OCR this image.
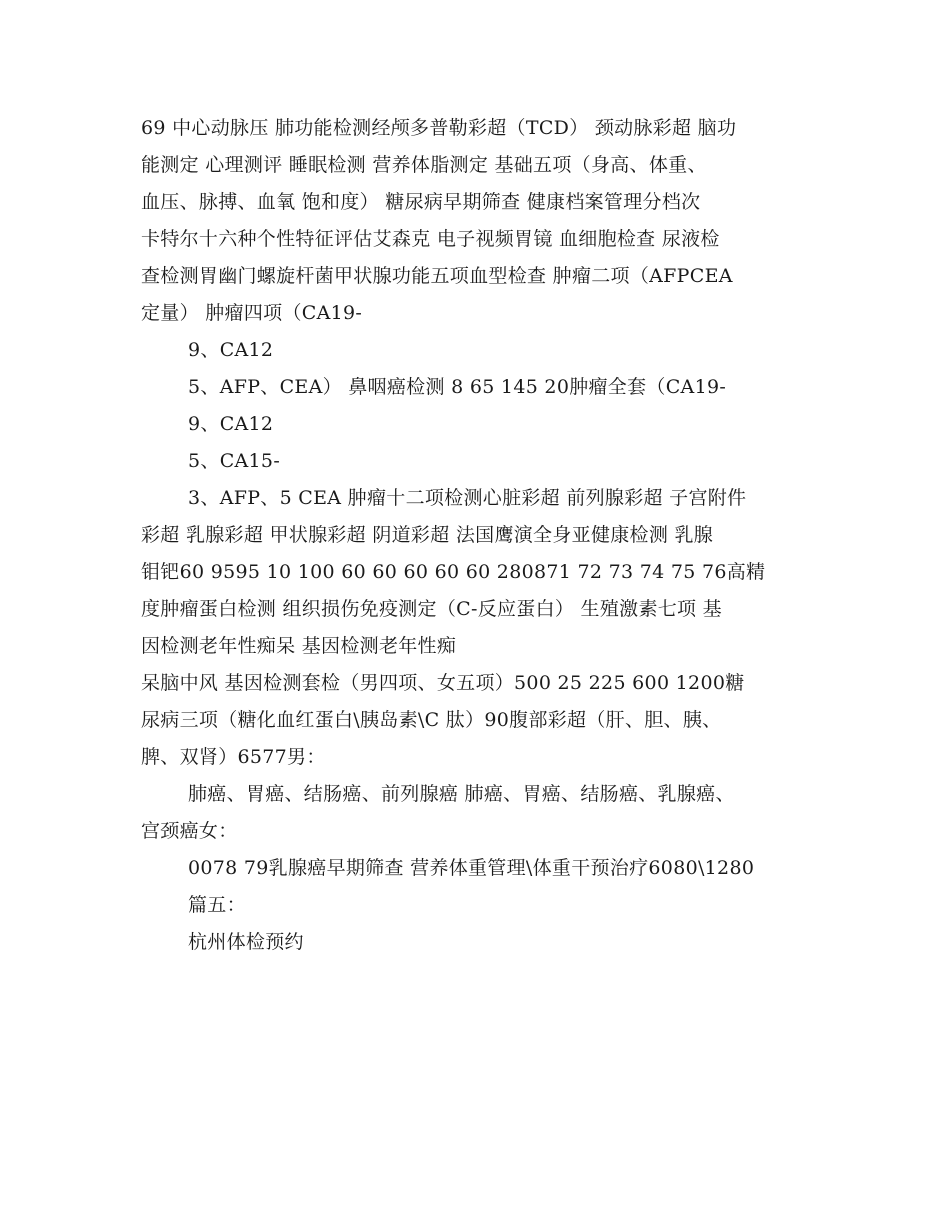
69 中心动脉压 肺功能检测经颅多普勒彩超（TCD） 颈动脉彩超 脑功
能测定 心理测评 睡眠检测 营养体脂测定 基础五项（身高、体重、
血压、脉搏、血氧 饱和度） 糖尿病早期筛查 健康档案管理分档次
卡特尔十六种个性特征评估艾森克 电子视频胃镜 血细胞检查 尿液检
查检测胃幽门螺旋杆菌甲状腺功能五项血型检查 肿瘤二项（AFPCEA
定量） 肿瘤四项（CA19-
9、CA12
5、AFP、CEA） 鼻咽癌检测 8 65 145 20肿瘤全套（CA19-
9、CA12
5、CA15-
3、AFP、5 CEA 肿瘤十二项检测心脏彩超 前列腺彩超 子宫附件
彩超 乳腺彩超 甲状腺彩超 阴道彩超 法国鹰演全身亚健康检测 乳腺
钼钯60 9595 10 100 60 60 60 60 60 280871 72 73 74 75 76高精
度肿瘤蛋白检测 组织损伤免疫测定（C-反应蛋白） 生殖激素七项 基
因检测老年性痴呆 基因检测老年性痴
呆脑中风 基因检测套检（男四项、女五项）500 25 225 600 1200糖
尿病三项（糖化血红蛋白\胰岛素\C 肽）90腹部彩超（肝、胆、胰、
脾、双肾）6577男：
肺癌、胃癌、结肠癌、前列腺癌 肺癌、胃癌、结肠癌、乳腺癌、
宫颈癌女：
0078 79乳腺癌早期筛查 营养体重管理\体重干预治疗6080\1280
篇五：
杭州体检预约
